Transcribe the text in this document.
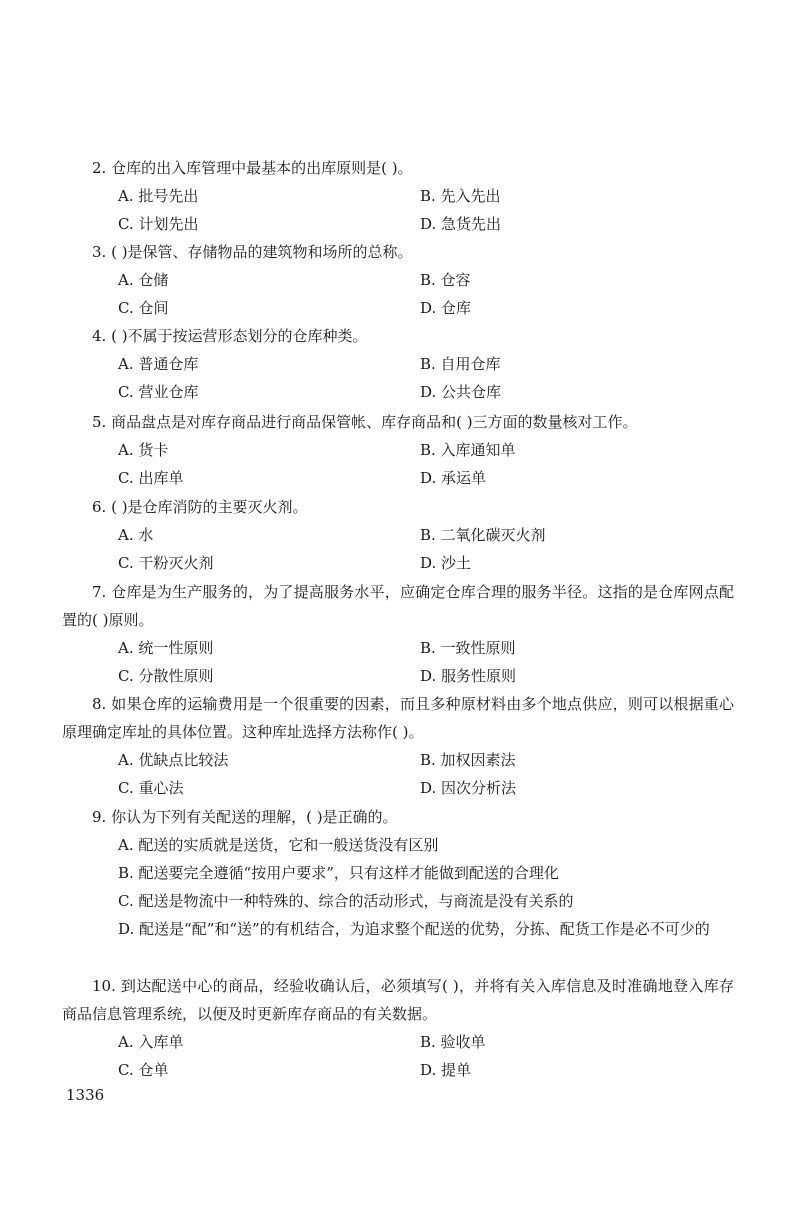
2. 仓库的出入库管理中最基本的出库原则是( )。
A. 批号先出	B. 先入先出
C. 计划先出	D. 急货先出
3. ( )是保管、存储物品的建筑物和场所的总称。
A. 仓储	B. 仓容
C. 仓间	D. 仓库
4. ( )不属于按运营形态划分的仓库种类。
A. 普通仓库	B. 自用仓库
C. 营业仓库	D. 公共仓库
5. 商品盘点是对库存商品进行商品保管帐、库存商品和( )三方面的数量核对工作。
A. 货卡	B. 入库通知单
C. 出库单	D. 承运单
6. ( )是仓库消防的主要灭火剂。
A. 水	B. 二氧化碳灭火剂
C. 干粉灭火剂	D. 沙土
7. 仓库是为生产服务的，为了提高服务水平，应确定仓库合理的服务半径。这指的是仓库网点配置的( )原则。
A. 统一性原则	B. 一致性原则
C. 分散性原则	D. 服务性原则
8. 如果仓库的运输费用是一个很重要的因素，而且多种原材料由多个地点供应，则可以根据重心原理确定库址的具体位置。这种库址选择方法称作( )。
A. 优缺点比较法	B. 加权因素法
C. 重心法	D. 因次分析法
9. 你认为下列有关配送的理解，( )是正确的。
A. 配送的实质就是送货，它和一般送货没有区别
B. 配送要完全遵循“按用户要求”，只有这样才能做到配送的合理化
C. 配送是物流中一种特殊的、综合的活动形式，与商流是没有关系的
D. 配送是“配”和“送”的有机结合，为追求整个配送的优势，分拣、配货工作是必不可少的
10. 到达配送中心的商品，经验收确认后，必须填写( )，并将有关入库信息及时准确地登入库存商品信息管理系统，以便及时更新库存商品的有关数据。
A. 入库单	B. 验收单
C. 仓单	D. 提单
1336
